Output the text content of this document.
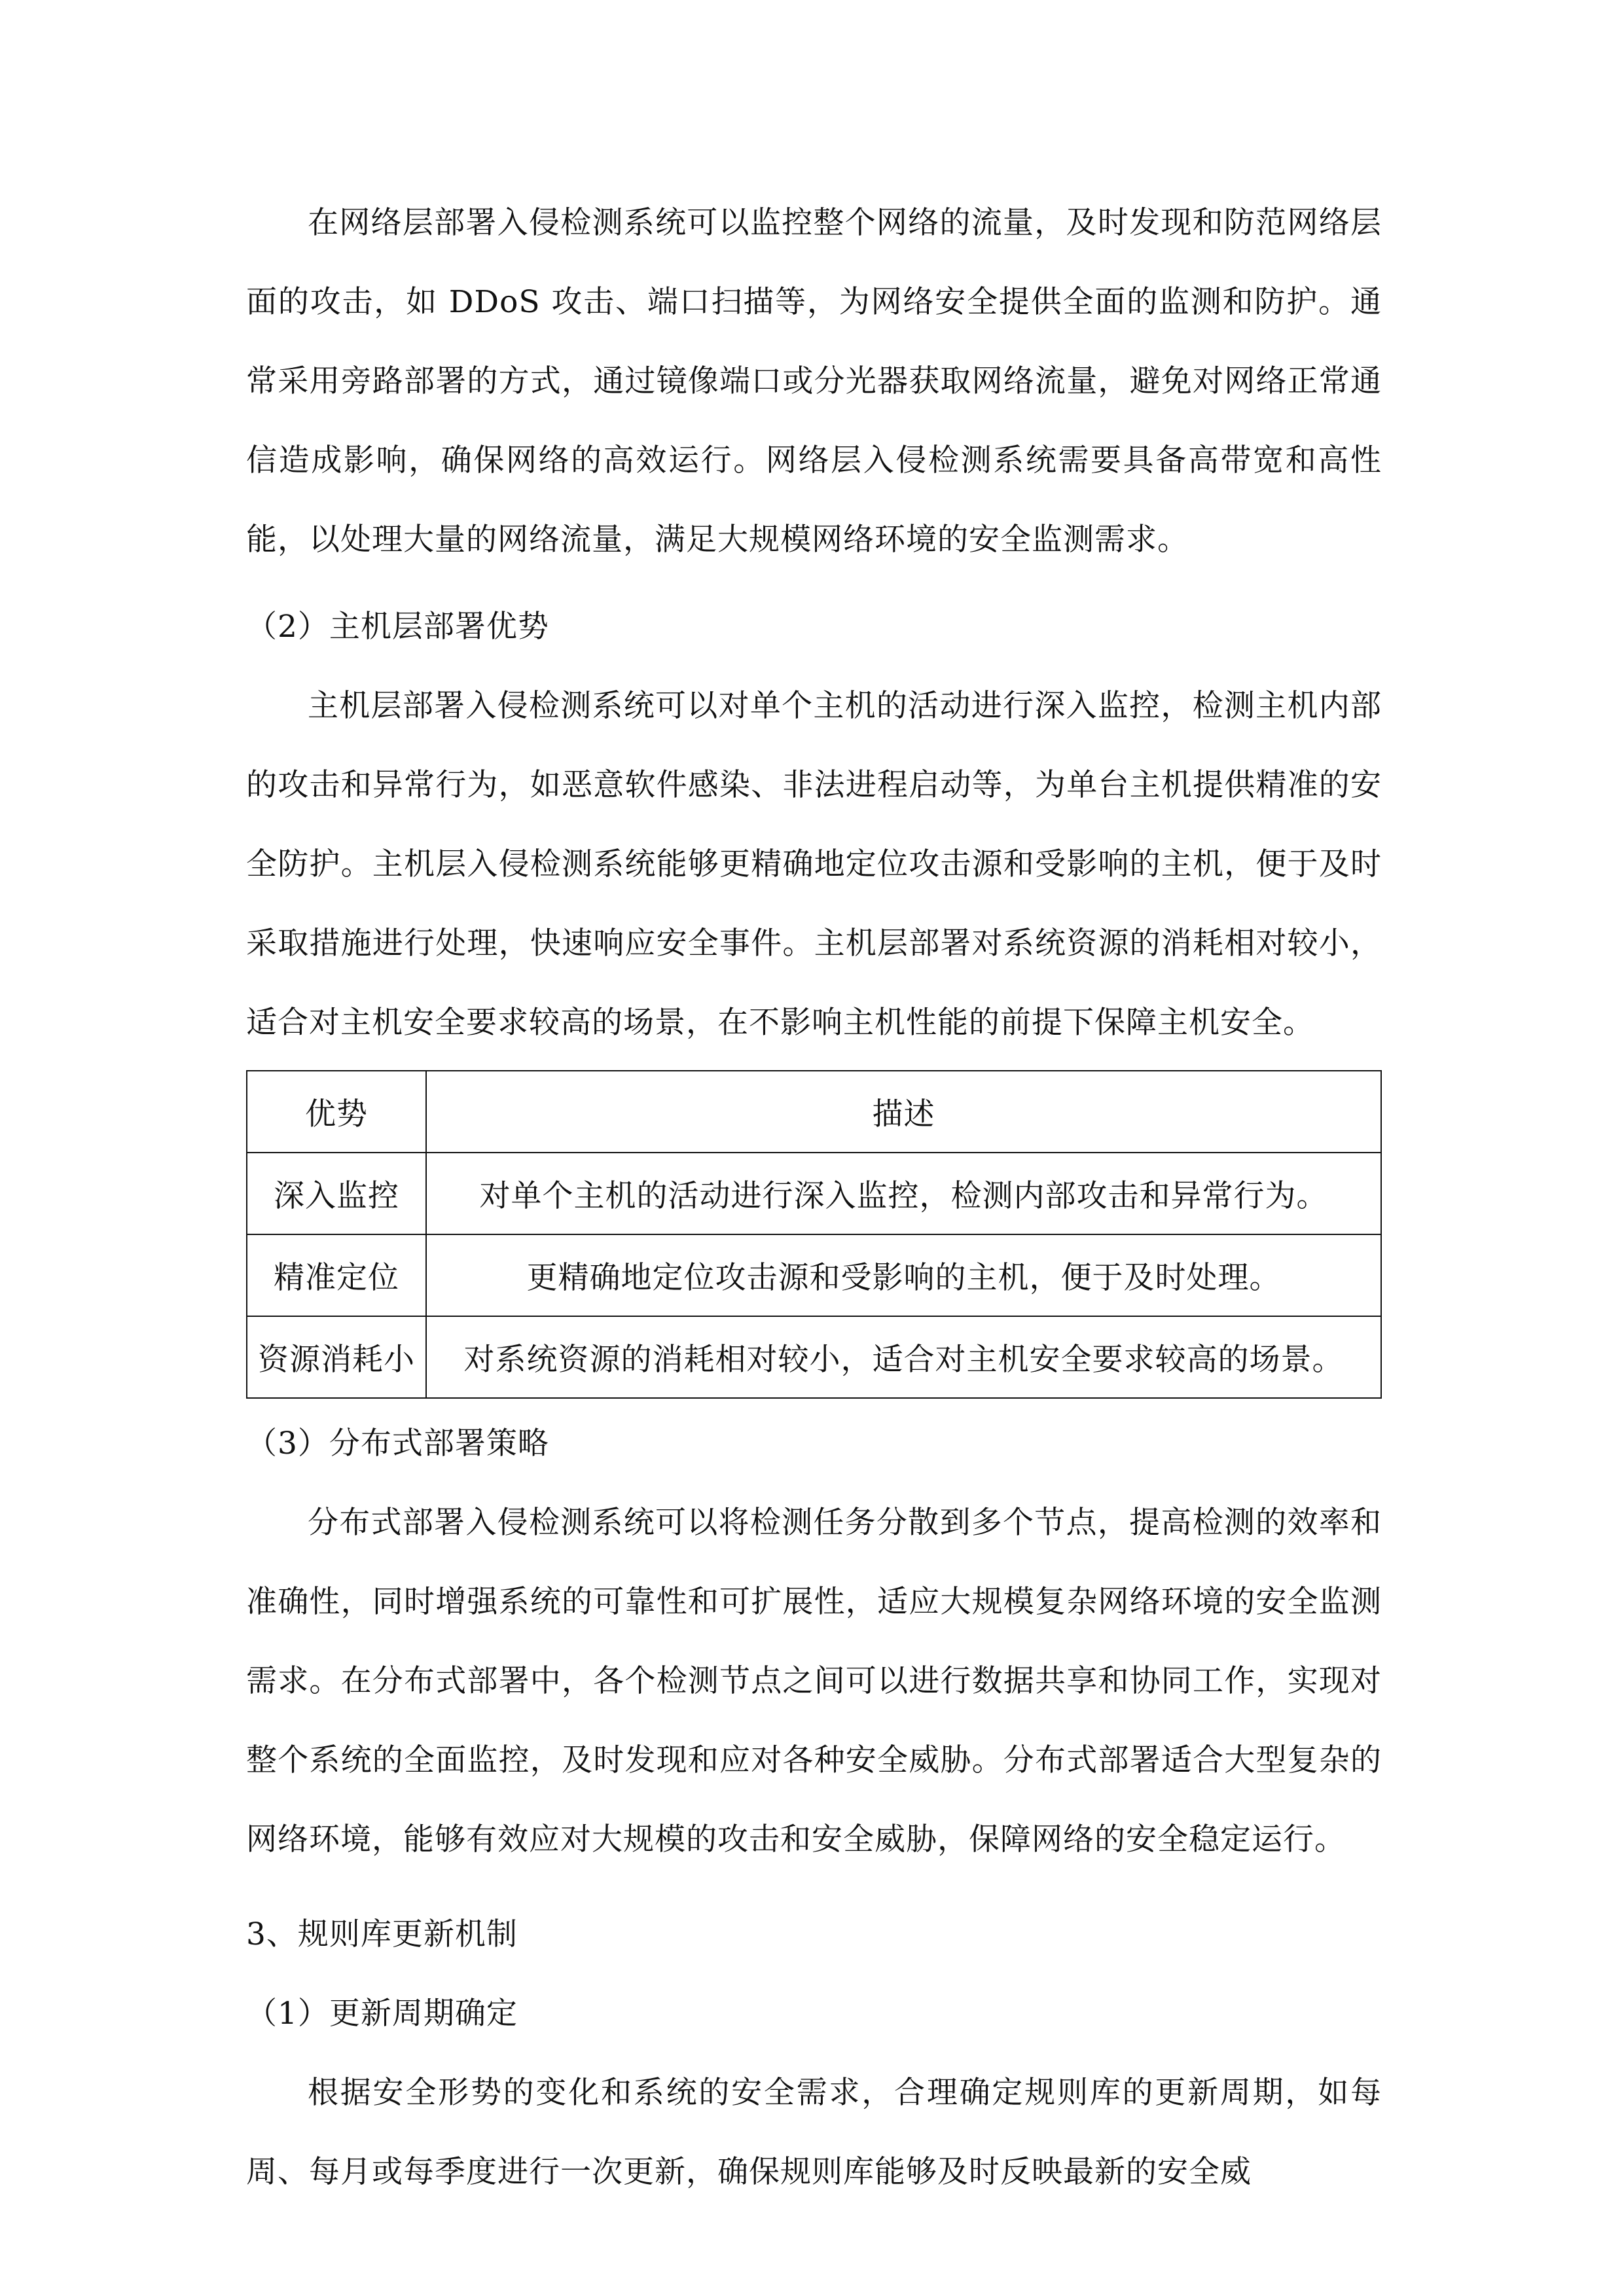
在网络层部署入侵检测系统可以监控整个网络的流量，及时发现和防范网络层面的攻击，如 DDoS 攻击、端口扫描等，为网络安全提供全面的监测和防护。通常采用旁路部署的方式，通过镜像端口或分光器获取网络流量，避免对网络正常通信造成影响，确保网络的高效运行。网络层入侵检测系统需要具备高带宽和高性能，以处理大量的网络流量，满足大规模网络环境的安全监测需求。

（2）主机层部署优势

主机层部署入侵检测系统可以对单个主机的活动进行深入监控，检测主机内部的攻击和异常行为，如恶意软件感染、非法进程启动等，为单台主机提供精准的安全防护。主机层入侵检测系统能够更精确地定位攻击源和受影响的主机，便于及时采取措施进行处理，快速响应安全事件。主机层部署对系统资源的消耗相对较小，适合对主机安全要求较高的场景，在不影响主机性能的前提下保障主机安全。

优势	描述
深入监控	对单个主机的活动进行深入监控，检测内部攻击和异常行为。
精准定位	更精确地定位攻击源和受影响的主机，便于及时处理。
资源消耗小	对系统资源的消耗相对较小，适合对主机安全要求较高的场景。

（3）分布式部署策略

分布式部署入侵检测系统可以将检测任务分散到多个节点，提高检测的效率和准确性，同时增强系统的可靠性和可扩展性，适应大规模复杂网络环境的安全监测需求。在分布式部署中，各个检测节点之间可以进行数据共享和协同工作，实现对整个系统的全面监控，及时发现和应对各种安全威胁。分布式部署适合大型复杂的网络环境，能够有效应对大规模的攻击和安全威胁，保障网络的安全稳定运行。

3、规则库更新机制

（1）更新周期确定

根据安全形势的变化和系统的安全需求，合理确定规则库的更新周期，如每周、每月或每季度进行一次更新，确保规则库能够及时反映最新的安全威
